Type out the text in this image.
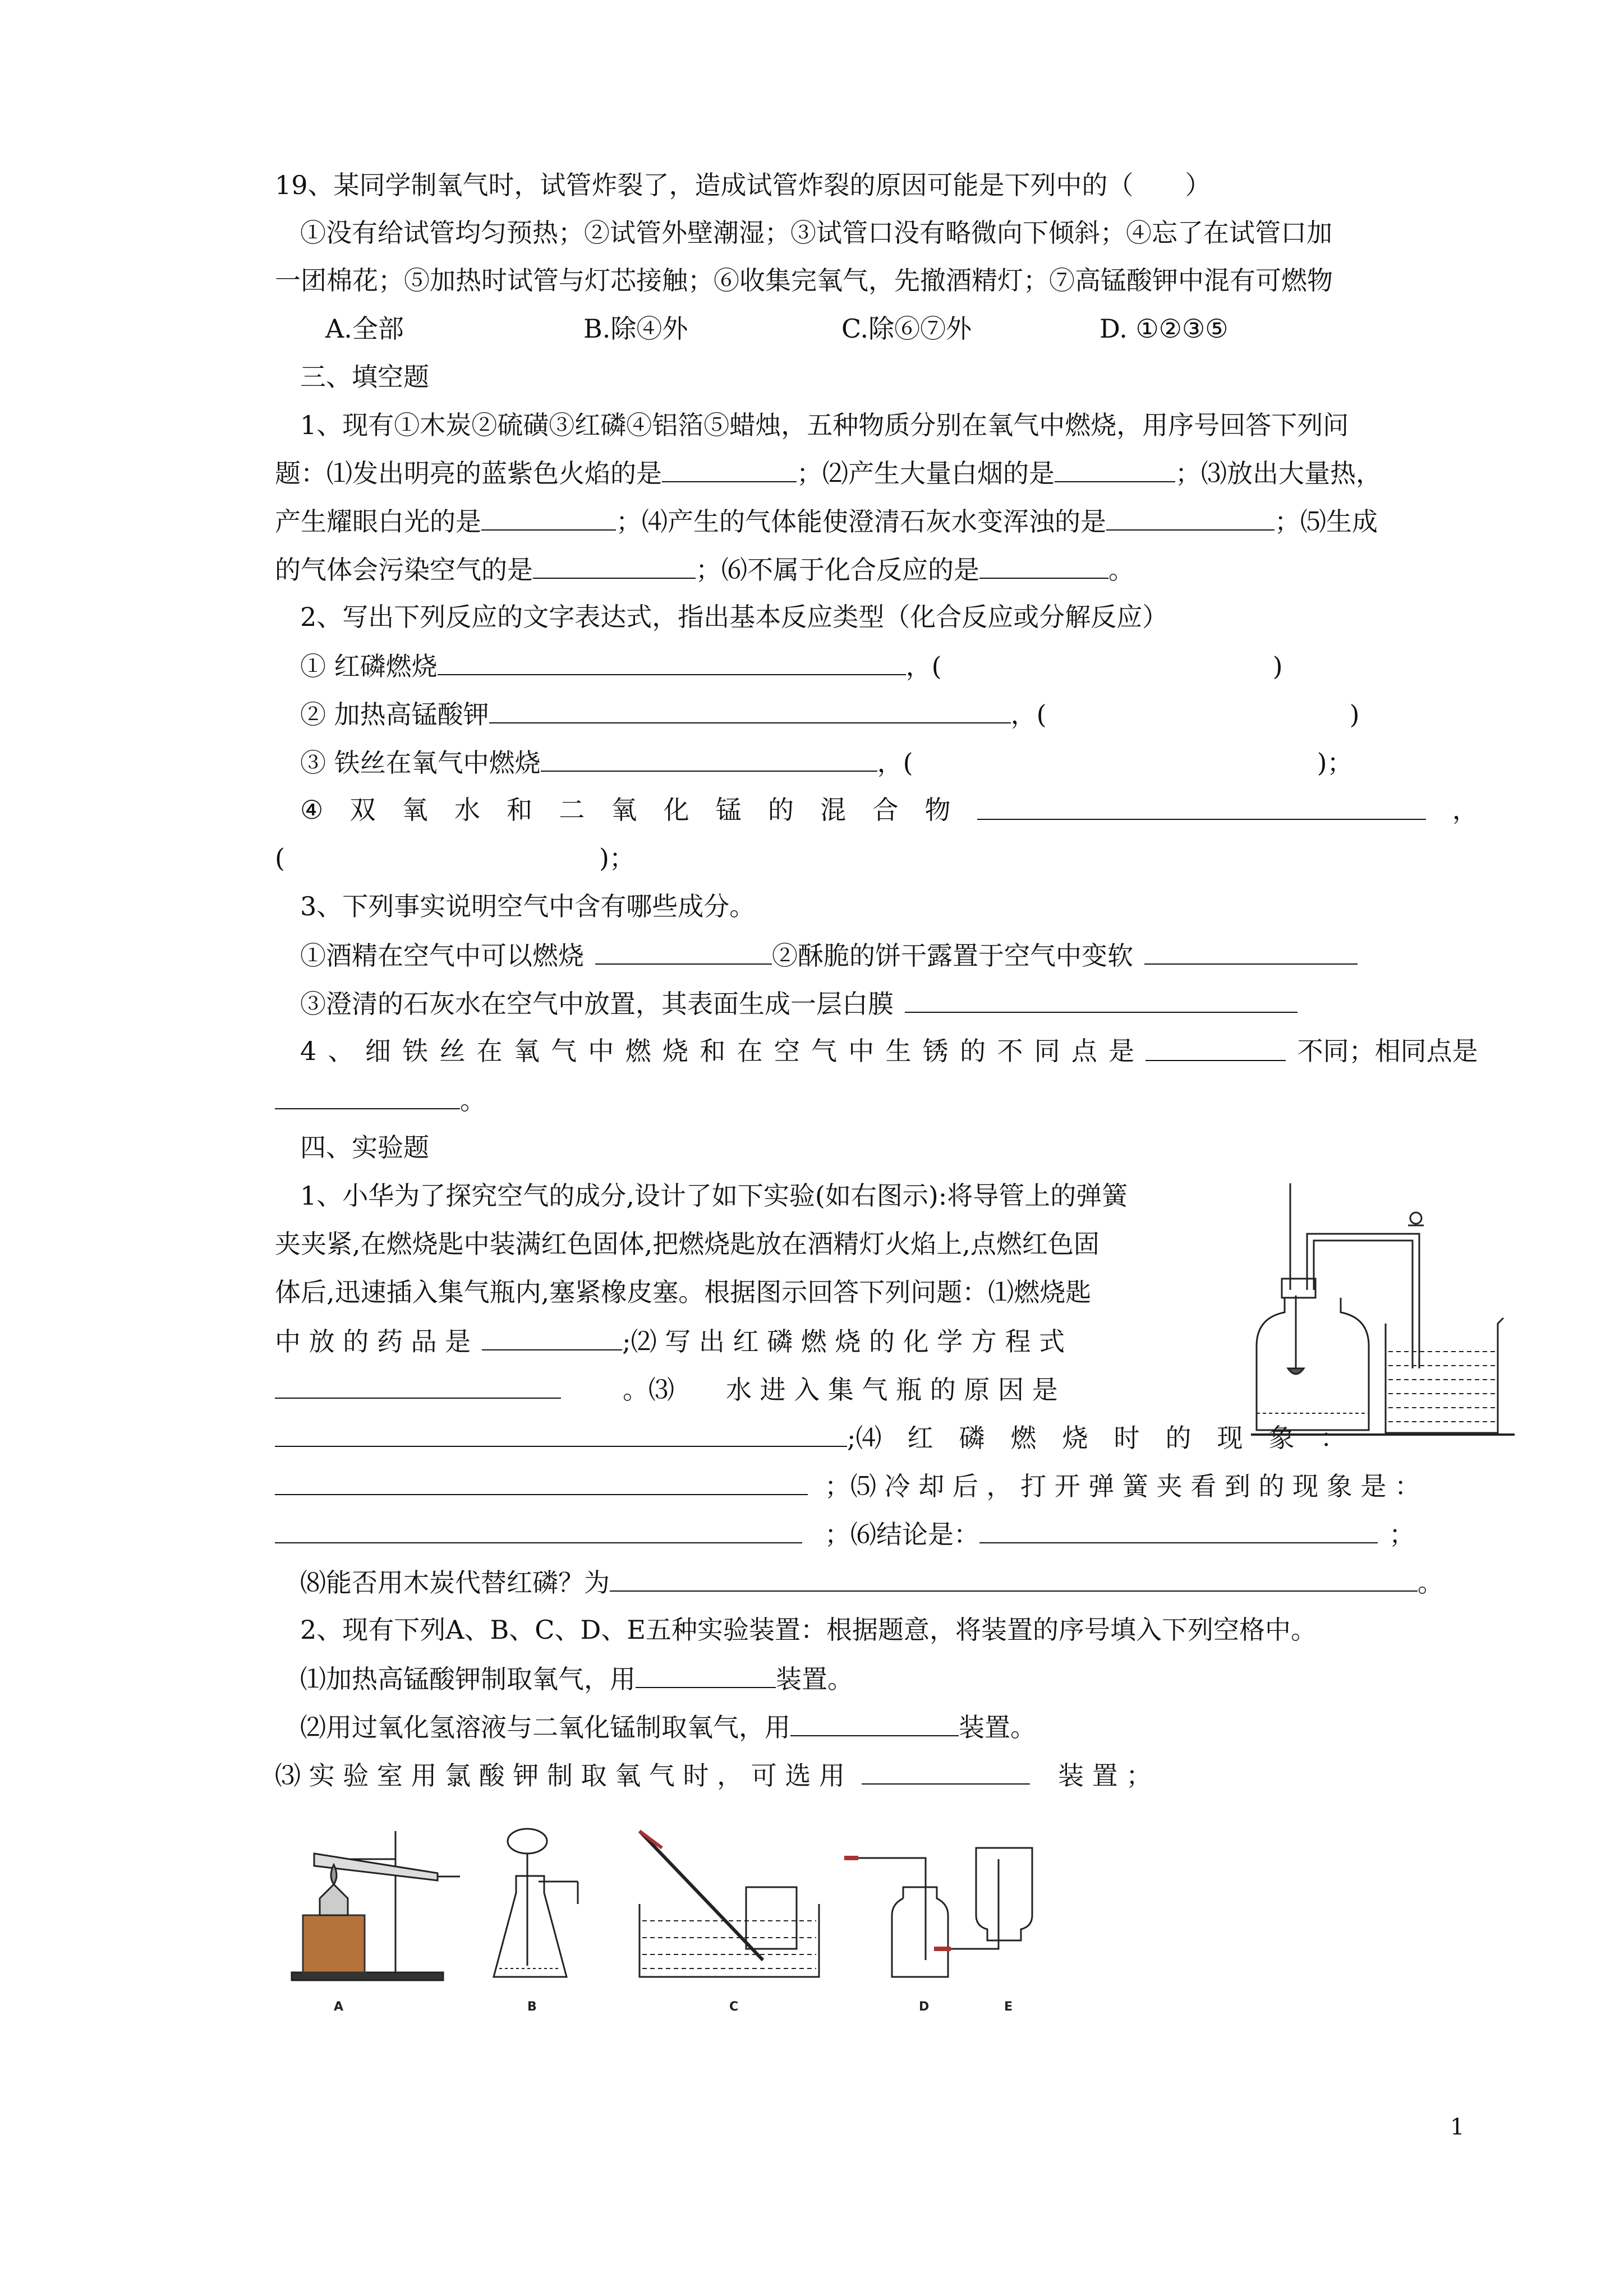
19、某同学制氧气时，试管炸裂了，造成试管炸裂的原因可能是下列中的（　　）

①没有给试管均匀预热；②试管外壁潮湿；③试管口没有略微向下倾斜；④忘了在试管口加

一团棉花；⑤加热时试管与灯芯接触；⑥收集完氧气，先撤酒精灯；⑦高锰酸钾中混有可燃物

A.全部	B.除④外	C.除⑥⑦外	D. ①②③⑤

三、填空题

1、现有①木炭②硫磺③红磷④铝箔⑤蜡烛，五种物质分别在氧气中燃烧，用序号回答下列问

题：⑴发出明亮的蓝紫色火焰的是	；⑵产生大量白烟的是	；⑶放出大量热，

产生耀眼白光的是	；⑷产生的气体能使澄清石灰水变浑浊的是	；⑸生成

的气体会污染空气的是	；⑹不属于化合反应的是	。

2、写出下列反应的文字表达式，指出基本反应类型（化合反应或分解反应）

① 红磷燃烧	，(	)

② 加热高锰酸钾	，(	)

③ 铁丝在氧气中燃烧	，(	)；

④ 双 氧 水 和 二 氧 化 锰 的 混 合 物	，

(	)；

3、下列事实说明空气中含有哪些成分。

①酒精在空气中可以燃烧	②酥脆的饼干露置于空气中变软

③澄清的石灰水在空气中放置，其表面生成一层白膜

4 、 细 铁 丝 在 氧 气 中 燃 烧 和 在 空 气 中 生 锈 的 不 同 点 是	不同；相同点是

。

四、实验题

1、小华为了探究空气的成分,设计了如下实验(如右图示):将导管上的弹簧

夹夹紧,在燃烧匙中装满红色固体,把燃烧匙放在酒精灯火焰上,点燃红色固

体后,迅速插入集气瓶内,塞紧橡皮塞。根据图示回答下列问题：⑴燃烧匙

中 放 的 药 品 是	;⑵ 写 出 红 磷 燃 烧 的 化 学 方 程 式

。⑶　　水 进 入 集 气 瓶 的 原 因 是

;⑷　红　磷　燃　烧　时　的　现　象　：

；⑸ 冷 却 后 ， 打 开 弹 簧 夹 看 到 的 现 象 是 ：

；⑹结论是：	；

⑻能否用木炭代替红磷？为	。

2、现有下列A、B、C、D、E五种实验装置：根据题意，将装置的序号填入下列空格中。

⑴加热高锰酸钾制取氧气，用	装置。

⑵用过氧化氢溶液与二氧化锰制取氧气，用	装置。

⑶ 实 验 室 用 氯 酸 钾 制 取 氧 气 时 ， 可 选 用	装 置 ；

A	B	C	D	E
1
